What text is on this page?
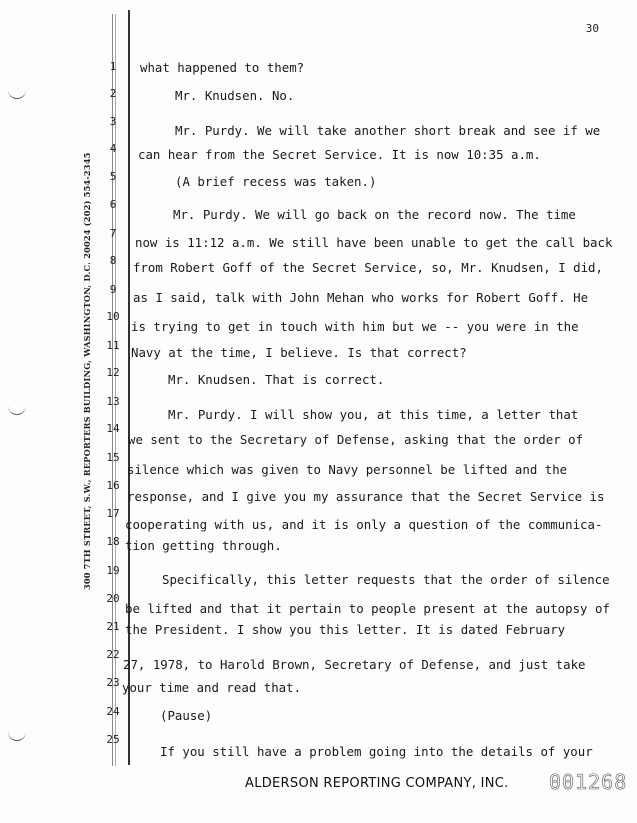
30
300 7TH STREET, S.W., REPORTERS BUILDING, WASHINGTON, D.C. 20024 (202) 554-2345
1	what happened to them?
2	Mr. Knudsen. No.
3
Mr. Purdy. We will take another short break and see if we
4	can hear from the Secret Service. It is now 10:35 a.m.
5	(A brief recess was taken.)
6
Mr. Purdy. We will go back on the record now. The time
7
now is 11:12 a.m. We still have been unable to get the call back
8	from Robert Goff of the Secret Service, so, Mr. Knudsen, I did,
9
as I said, talk with John Mehan who works for Robert Goff. He
10
is trying to get in touch with him but we -- you were in the
11 Navy at the time, I believe. Is that correct?
12	Mr. Knudsen. That is correct.
13
Mr. Purdy. I will show you, at this time, a letter that
14
we sent to the Secretary of Defense, asking that the order of
15
silence which was given to Navy personnel be lifted and the
16
response, and I give you my assurance that the Secret Service is
17
cooperating with us, and it is only a question of the communica-
18 tion getting through.
19
Specifically, this letter requests that the order of silence
20
be lifted and that it pertain to people present at the autopsy of
21 the President. I show you this letter. It is dated February
22
27, 1978, to Harold Brown, Secretary of Defense, and just take
23 your time and read that.
24	(Pause)
25
If you still have a problem going into the details of your
ALDERSON REPORTING COMPANY, INC. 001268
